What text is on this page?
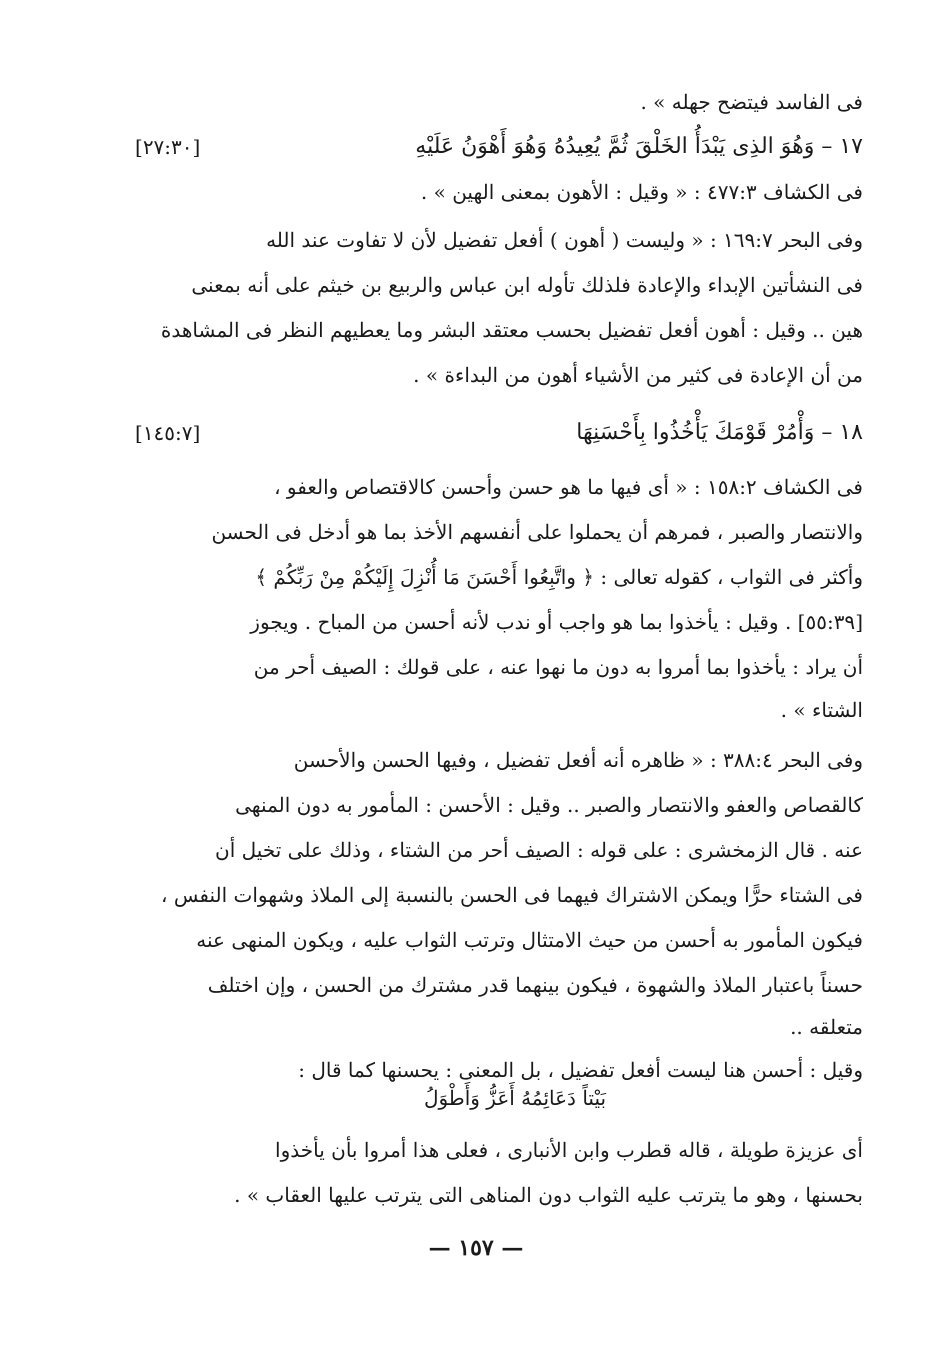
فى الفاسد فيتضح جهله » .
١٧ – وَهُوَ الذِى يَبْدَأُ الخَلْقَ ثُمَّ يُعِيدُهُ وَهُوَ أَهْوَنُ عَلَيْهِ
[٢٧:٣٠]
فى الكشاف ٤٧٧:٣ : « وقيل : الأهون بمعنى الهين » .
وفى البحر ١٦٩:٧ : « وليست ( أهون ) أفعل تفضيل لأن لا تفاوت عند الله
فى النشأتين الإبداء والإعادة فلذلك تأوله ابن عباس والربيع بن خيثم على أنه بمعنى
هين .. وقيل : أهون أفعل تفضيل بحسب معتقد البشر وما يعطيهم النظر فى المشاهدة
من أن الإعادة فى كثير من الأشياء أهون من البداءة » .
١٨ – وَأْمُرْ قَوْمَكَ يَأْخُذُوا بِأَحْسَنِهَا
[١٤٥:٧]
فى الكشاف ١٥٨:٢ : « أى فيها ما هو حسن وأحسن كالاقتصاص والعفو ،
والانتصار والصبر ، فمرهم أن يحملوا على أنفسهم الأخذ بما هو أدخل فى الحسن
وأكثر فى الثواب ، كقوله تعالى : ﴿ واتَّبِعُوا أَحْسَنَ مَا أُنْزِلَ إِلَيْكُمْ مِنْ رَبِّكُمْ ﴾
[٥٥:٣٩] . وقيل : يأخذوا بما هو واجب أو ندب لأنه أحسن من المباح . ويجوز
أن يراد : يأخذوا بما أمروا به دون ما نهوا عنه ، على قولك : الصيف أحر من
الشتاء » .
وفى البحر ٣٨٨:٤ : « ظاهره أنه أفعل تفضيل ، وفيها الحسن والأحسن
كالقصاص والعفو والانتصار والصبر .. وقيل : الأحسن : المأمور به دون المنهى
عنه . قال الزمخشرى : على قوله : الصيف أحر من الشتاء ، وذلك على تخيل أن
فى الشتاء حرًّا ويمكن الاشتراك فيهما فى الحسن بالنسبة إلى الملاذ وشهوات النفس ،
فيكون المأمور به أحسن من حيث الامتثال وترتب الثواب عليه ، ويكون المنهى عنه
حسناً باعتبار الملاذ والشهوة ، فيكون بينهما قدر مشترك من الحسن ، وإن اختلف
متعلقه ..
وقيل : أحسن هنا ليست أفعل تفضيل ، بل المعنى : يحسنها كما قال :
بَيْتاً دَعَائِمُهُ أَعَزُّ وَأَطْوَلُ
أى عزيزة طويلة ، قاله قطرب وابن الأنبارى ، فعلى هذا أمروا بأن يأخذوا
بحسنها ، وهو ما يترتب عليه الثواب دون المناهى التى يترتب عليها العقاب » .
— ١٥٧ —
